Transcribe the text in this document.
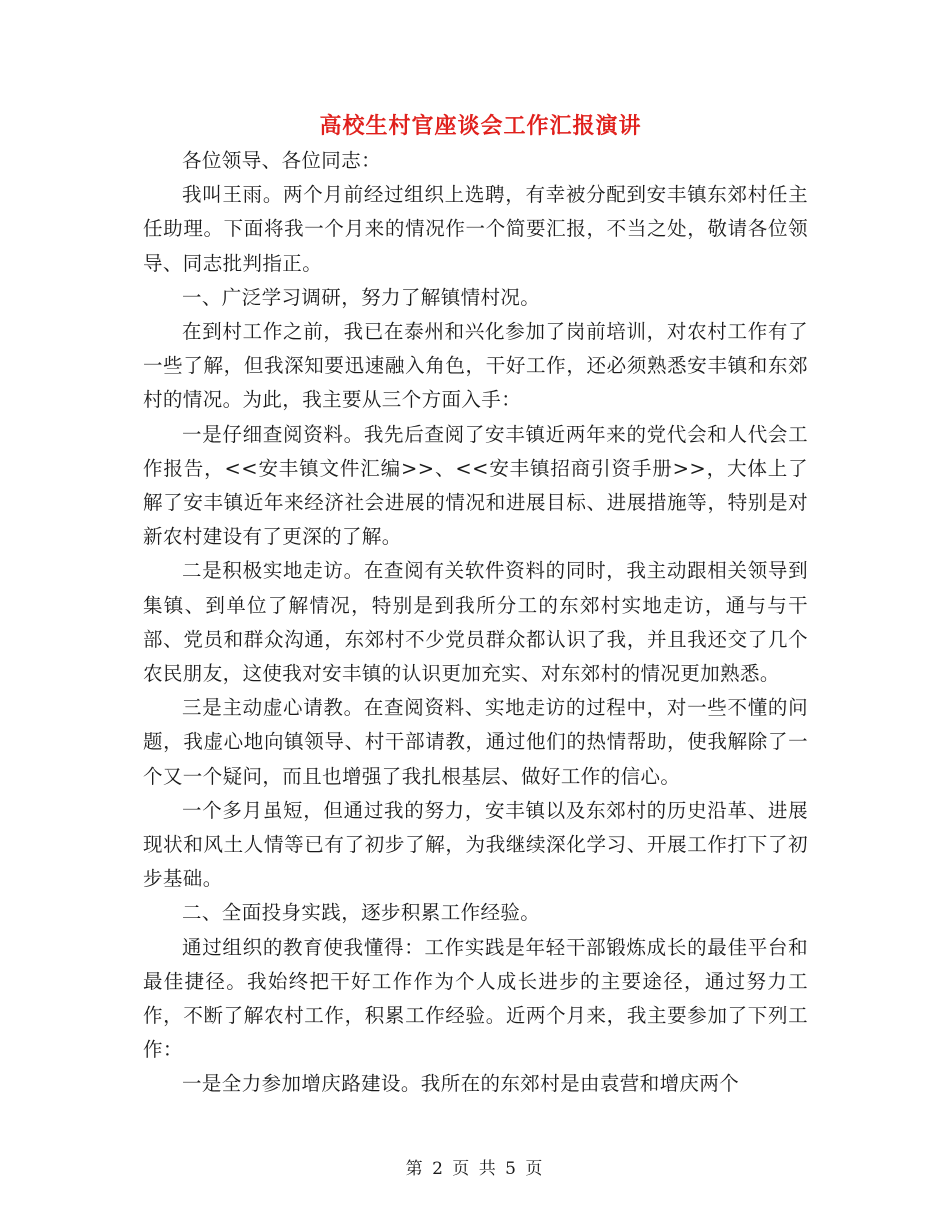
高校生村官座谈会工作汇报演讲

各位领导、各位同志：

我叫王雨。两个月前经过组织上选聘，有幸被分配到安丰镇东郊村任主任助理。下面将我一个月来的情况作一个简要汇报，不当之处，敬请各位领导、同志批判指正。

一、广泛学习调研，努力了解镇情村况。

在到村工作之前，我已在泰州和兴化参加了岗前培训，对农村工作有了一些了解，但我深知要迅速融入角色，干好工作，还必须熟悉安丰镇和东郊村的情况。为此，我主要从三个方面入手：

一是仔细查阅资料。我先后查阅了安丰镇近两年来的党代会和人代会工作报告，<<安丰镇文件汇编>>、<<安丰镇招商引资手册>>，大体上了解了安丰镇近年来经济社会进展的情况和进展目标、进展措施等，特别是对新农村建设有了更深的了解。

二是积极实地走访。在查阅有关软件资料的同时，我主动跟相关领导到集镇、到单位了解情况，特别是到我所分工的东郊村实地走访，通与与干部、党员和群众沟通，东郊村不少党员群众都认识了我，并且我还交了几个农民朋友，这使我对安丰镇的认识更加充实、对东郊村的情况更加熟悉。

三是主动虚心请教。在查阅资料、实地走访的过程中，对一些不懂的问题，我虚心地向镇领导、村干部请教，通过他们的热情帮助，使我解除了一个又一个疑问，而且也增强了我扎根基层、做好工作的信心。

一个多月虽短，但通过我的努力，安丰镇以及东郊村的历史沿革、进展现状和风土人情等已有了初步了解，为我继续深化学习、开展工作打下了初步基础。

二、全面投身实践，逐步积累工作经验。

通过组织的教育使我懂得：工作实践是年轻干部锻炼成长的最佳平台和最佳捷径。我始终把干好工作作为个人成长进步的主要途径，通过努力工作，不断了解农村工作，积累工作经验。近两个月来，我主要参加了下列工作：

一是全力参加增庆路建设。我所在的东郊村是由袁营和增庆两个

第 2 页 共 5 页
